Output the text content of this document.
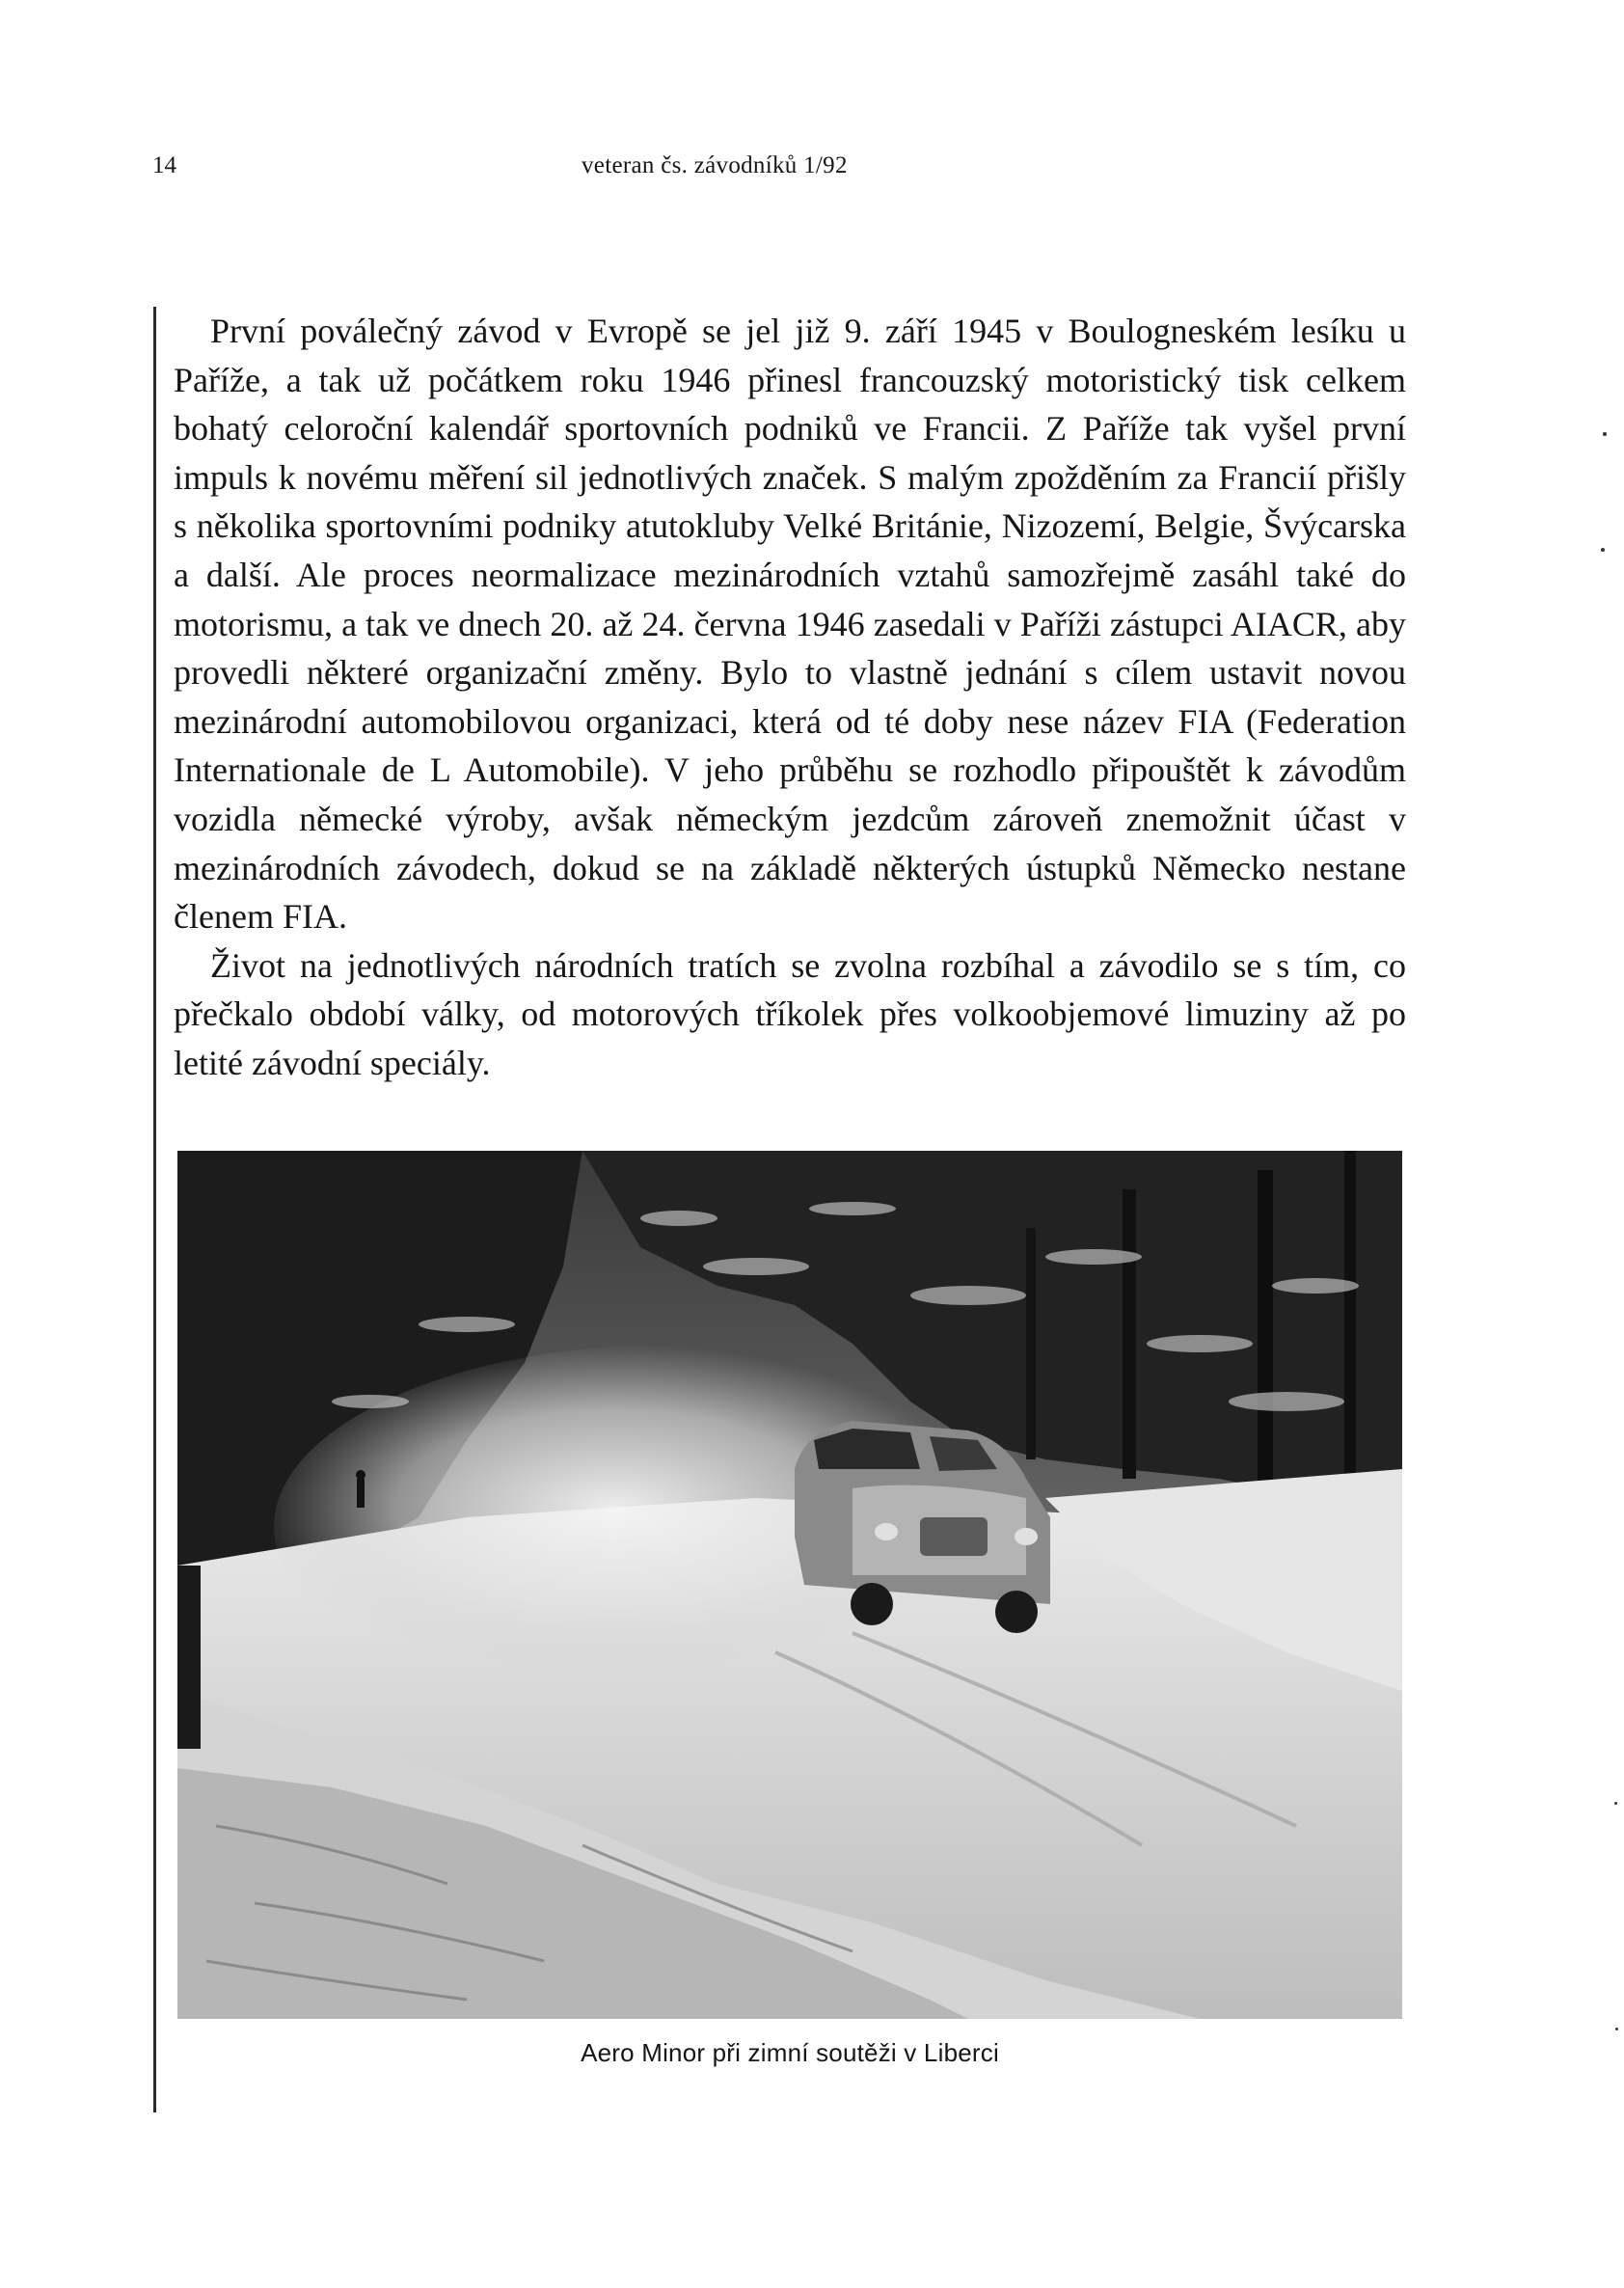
14	veteran čs. závodníků 1/92

První poválečný závod v Evropě se jel již 9. září 1945 v Boulogneském lesíku u Paříže, a tak už počátkem roku 1946 přinesl francouzský motoristický tisk celkem bohatý celoroční kalendář sportovních podniků ve Francii. Z Paříže tak vyšel první impuls k novému měření sil jednotlivých značek. S malým zpožděním za Francií přišly s několika sportovními podniky atutokluby Velké Británie, Nizozemí, Belgie, Švýcarska a další. Ale proces neormalizace mezinárodních vztahů samozřejmě zasáhl také do motorismu, a tak ve dnech 20. až 24. června 1946 zasedali v Paříži zástupci AIACR, aby provedli některé organizační změny. Bylo to vlastně jednání s cílem ustavit novou mezinárodní automobilovou organizaci, která od té doby nese název FIA (Federation Internationale de L Automobile). V jeho průběhu se rozhodlo připouštět k závodům vozidla německé výroby, avšak německým jezdcům zároveň znemožnit účast v mezinárodních závodech, dokud se na základě některých ústupků Německo nestane členem FIA.

Život na jednotlivých národních tratích se zvolna rozbíhal a závodilo se s tím, co přečkalo období války, od motorových tříkolek přes volkoobjemové limuziny až po letité závodní speciály.

Aero Minor při zimní soutěži v Liberci
